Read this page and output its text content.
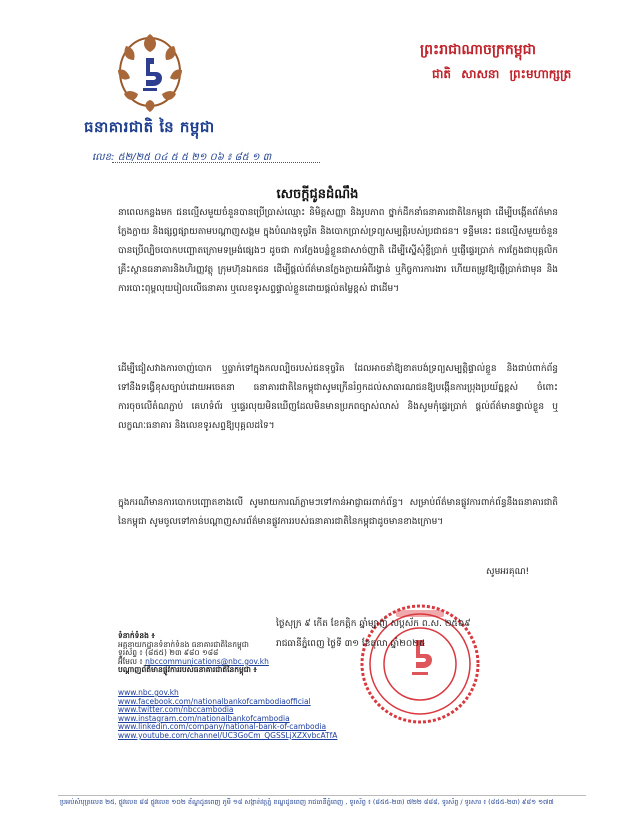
ធនាគារជាតិ នៃ កម្ពុជា
ព្រះរាជាណាចក្រកម្ពុជា
ជាតិ សាសនា ព្រះមហាក្សត្រ
លេខ: ៥២/២៥ ០៤ ៥ ៥ ២១ ០៦ ៖ ៨៥ ១ ៣
សេចក្តីជូនដំណឹង
នាពេលកន្លងមក ជនល្មើសមួយចំនួនបានប្រើប្រាស់ឈ្មោះ និមិត្តសញ្ញា និងរូបភាព ថ្នាក់ដឹកនាំធនាគារជាតិនៃកម្ពុជា ដើម្បីបង្កើតព័ត៌មានក្លែងក្លាយ និងផ្សព្វផ្សាយតាមបណ្តាញសង្គម ក្នុងបំណងទុច្ចរិត និងបោកប្រាស់ទ្រព្យសម្បត្តិរបស់ប្រជាជន។ ទន្ទឹមនេះ ជនល្មើសមួយចំនួនបានប្រើល្បិចបោកបញ្ឆោតក្រោមទម្រង់ផ្សេងៗ ដូចជា ការក្លែងបន្លំខ្លួនជាសាច់ញាតិ ដើម្បីស្នើសុំខ្ចីប្រាក់ ឬផ្ញើផ្ទេរប្រាក់ ការក្លែងជាបុគ្គលិកគ្រឹះស្ថានធនាគារនិងហិរញ្ញវត្ថុ ក្រុមហ៊ុនឯកជន ដើម្បីផ្តល់ព័ត៌មានក្លែងក្លាយអំពីរង្វាន់ ឬកិច្ចការការងារ ហើយតម្រូវឱ្យផ្ញើប្រាក់ជាមុន និងការបោះពុម្ពលុយរៀលលើធនាគារ ឬលេខទូរសព្ទផ្ទាល់ខ្លួនដោយផ្តល់តម្លៃខ្ពស់ ជាដើម។
ដើម្បីជៀសវាងការចាញ់បោក ឬធ្លាក់ទៅក្នុងកលល្បិចរបស់ជនទុច្ចរិត ដែលអាចនាំឱ្យខាតបង់ទ្រព្យសម្បត្តិផ្ទាល់ខ្លួន និងជាប់ពាក់ព័ន្ធទៅនឹងទង្វើខុសច្បាប់ដោយអចេតនា ធនាគារជាតិនៃកម្ពុជាសូមក្រើនរំឭកដល់សាធារណជនឱ្យបង្កើនការប្រុងប្រយ័ត្នខ្ពស់ ចំពោះការចុចលើតំណភ្ជាប់ គេហទំព័រ ឬផ្ទេរលុយមិនឃើញដែលមិនមានប្រភពច្បាស់លាស់ និងសូមកុំផ្ទេរប្រាក់ ផ្តល់ព័ត៌មានផ្ទាល់ខ្លួន ឬលក្ខណៈធនាគារ និងលេខទូរសព្ទឱ្យបុគ្គលដទៃ។
ក្នុងករណីមានការបោកបញ្ឆោតខាងលើ សូមរាយការណ៍ភ្លាមៗទៅកាន់អាជ្ញាធរពាក់ព័ន្ធ។ សម្រាប់ព័ត៌មានផ្លូវការពាក់ព័ន្ធនឹងធនាគារជាតិនៃកម្ពុជា សូមចូលទៅកាន់បណ្តាញសារព័ត៌មានផ្លូវការរបស់ធនាគារជាតិនៃកម្ពុជាដូចមានខាងក្រោម។
សូមអរគុណ!
ថ្ងៃសុក្រ ៩ កើត ខែកត្តិក ឆ្នាំម្សាញ់ សប្តស័ក ព.ស. ២៥៦៩
រាជធានីភ្នំពេញ ថ្ងៃទី ៣១ ខែតុលា ឆ្នាំ២០២៥
ទំនាក់ទំនង ៖
អគ្គនាយកដ្ឋានទំនាក់ទំនង ធនាគារជាតិនៃកម្ពុជា
ទូរស័ព្ទ ៖ (៨៥៥) ២៣ ៩៨០ ១៨៨
អ៊ីមែល ៖ nbccommunications@nbc.gov.kh
បណ្តាញព័ត៌មានផ្លូវការរបស់ធនាគារជាតិនៃកម្ពុជា ៖
www.nbc.gov.kh
www.facebook.com/nationalbankofcambodiaofficial
www.twitter.com/nbccambodia
www.instagram.com/nationalbankofcambodia
www.linkedin.com/company/national-bank-of-cambodia
www.youtube.com/channel/UC3GoCm_QGSSLjXZXvbcATfA
ប្រអប់សំបុត្រលេខ ២៥, ផ្លូវលេខ ៨៨ ផ្លូវលេខ ១០២ ខ័ណ្ឌដូនពេញ ភូមិ ១៨ សង្កាត់វត្តភ្នំ ខណ្ឌដូនពេញ រាជធានីភ្នំពេញ , ទូរស័ព្ទ ៖ (៨៥៥-២៣) ៧២២ ៨៨៨, ទូរស័ព្ទ / ទូរសារ ៖ (៨៥៥-២៣) ៩៨១ ១៧៧
